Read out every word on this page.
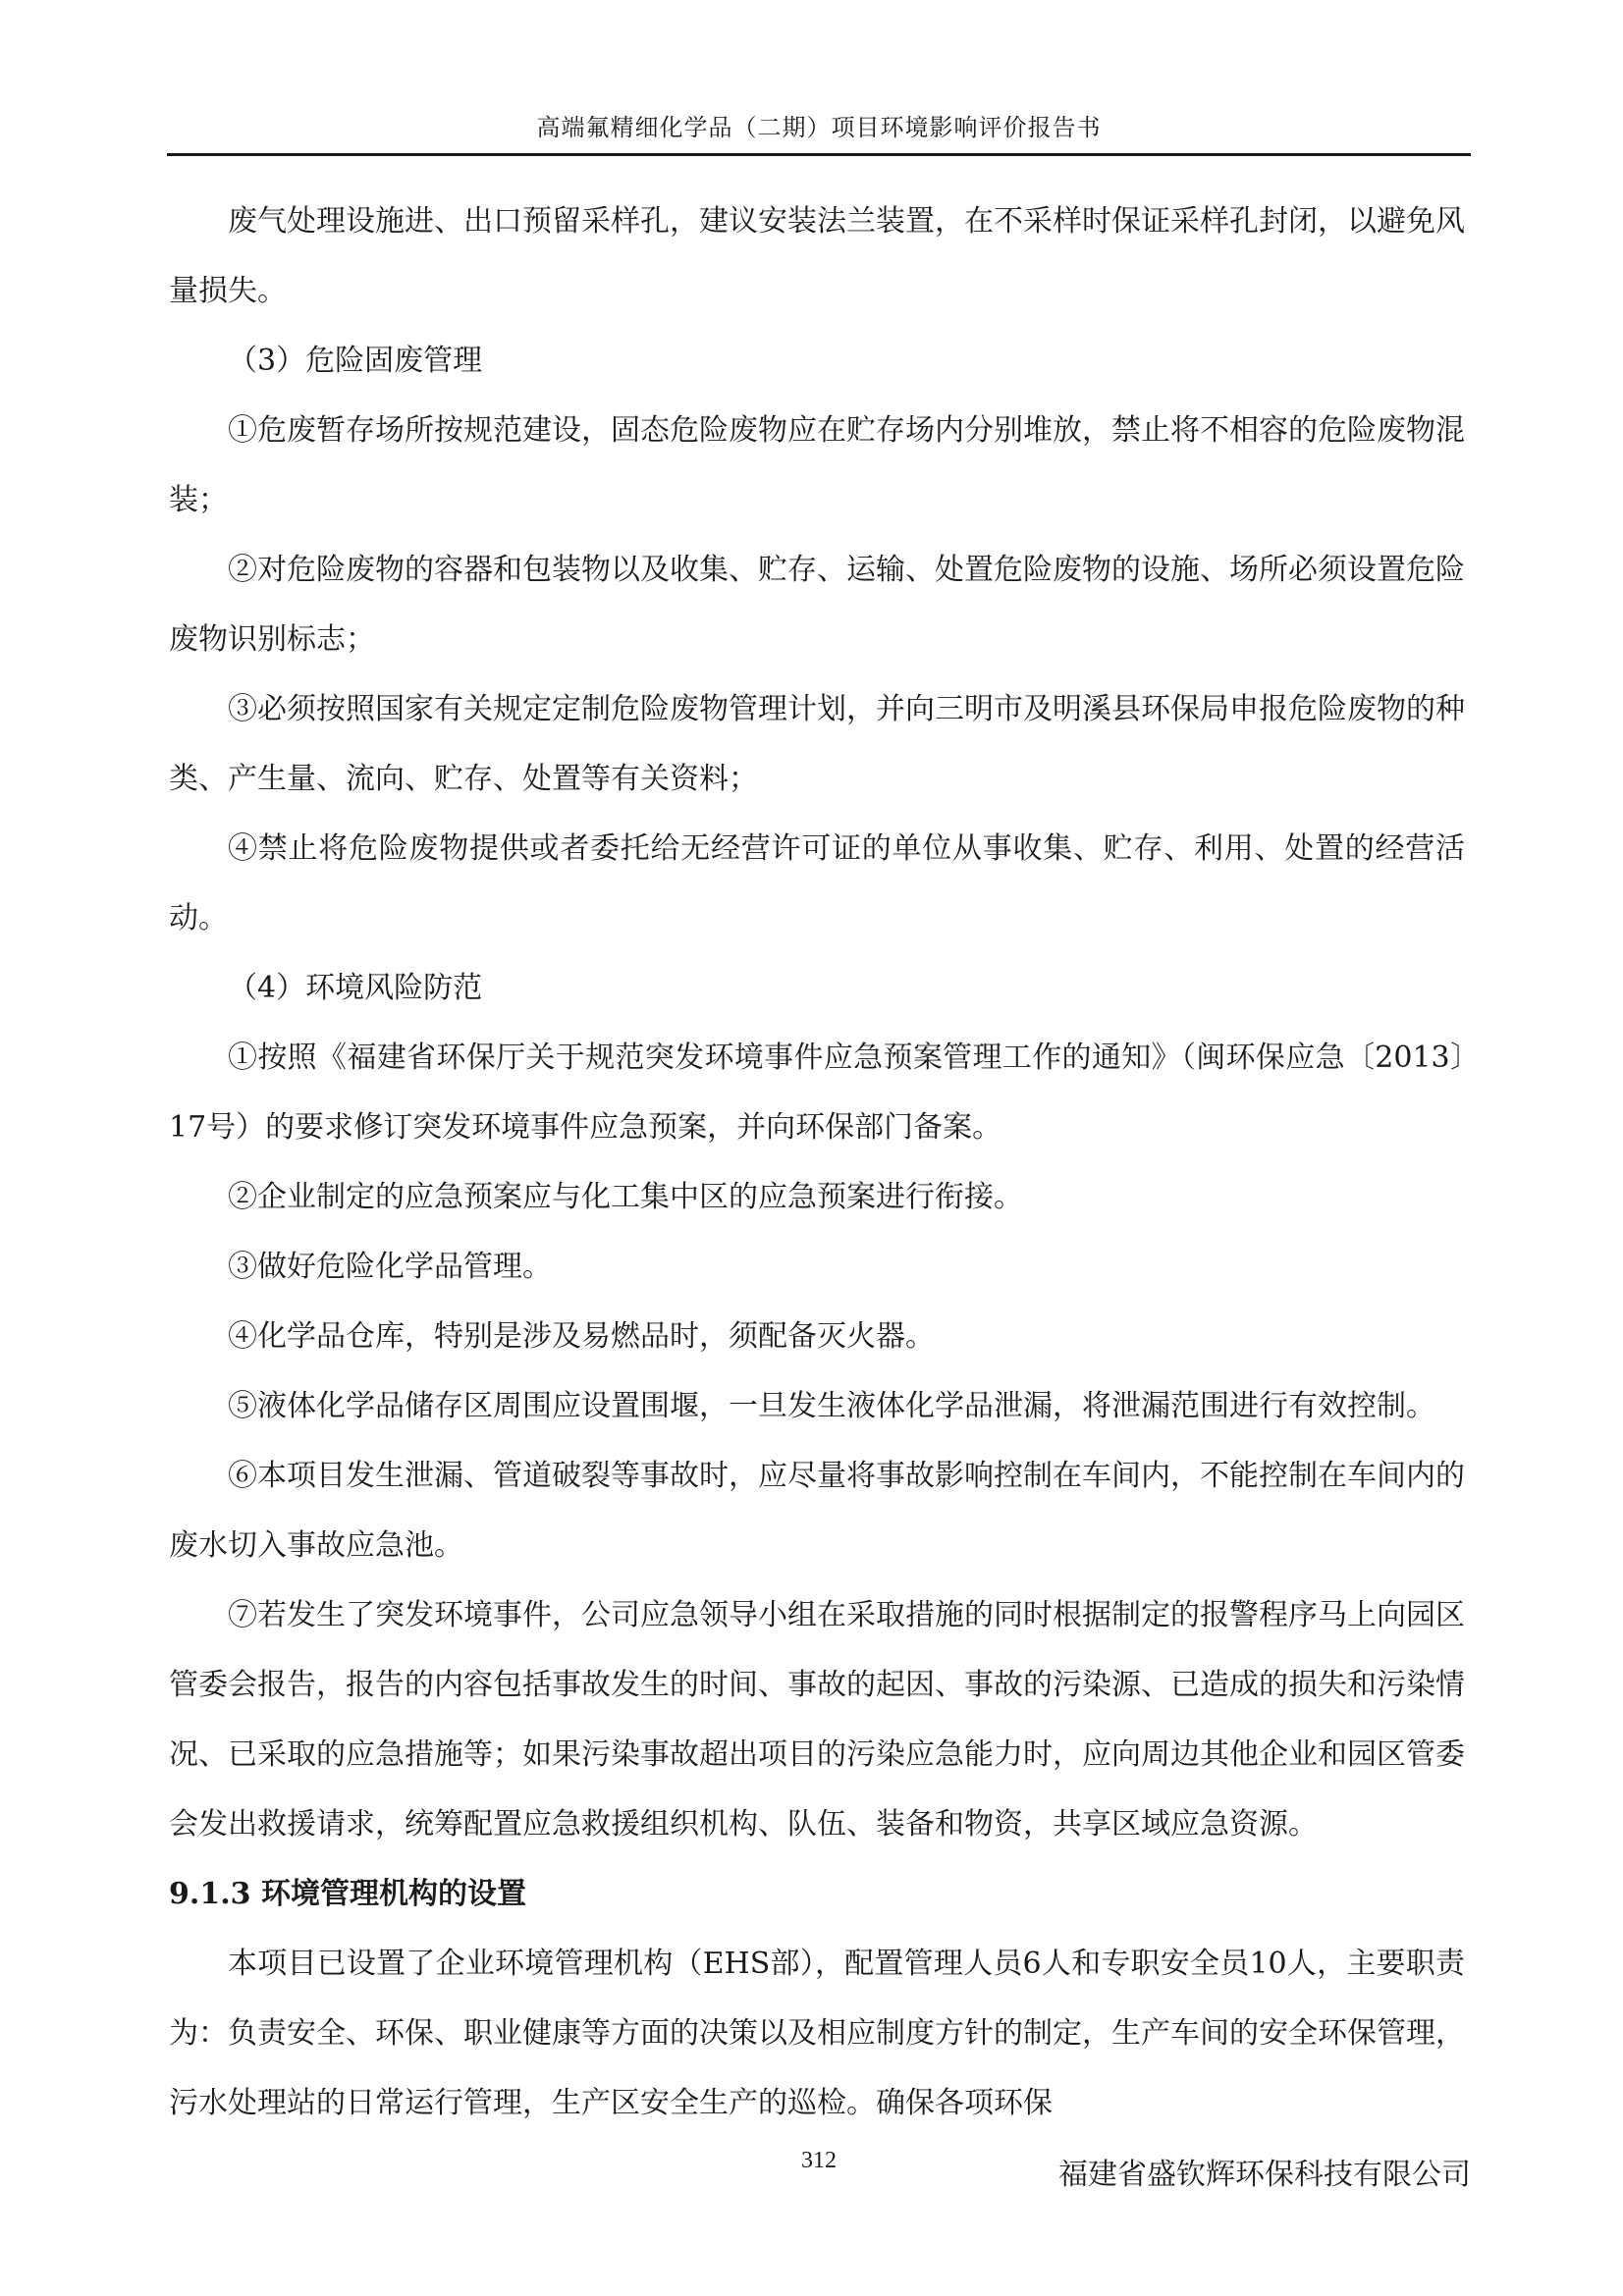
高端氟精细化学品（二期）项目环境影响评价报告书

废气处理设施进、出口预留采样孔，建议安装法兰装置，在不采样时保证采样孔封闭，以避免风量损失。

（3）危险固废管理

①危废暂存场所按规范建设，固态危险废物应在贮存场内分别堆放，禁止将不相容的危险废物混装；

②对危险废物的容器和包装物以及收集、贮存、运输、处置危险废物的设施、场所必须设置危险废物识别标志；

③必须按照国家有关规定定制危险废物管理计划，并向三明市及明溪县环保局申报危险废物的种类、产生量、流向、贮存、处置等有关资料；

④禁止将危险废物提供或者委托给无经营许可证的单位从事收集、贮存、利用、处置的经营活动。

（4）环境风险防范

①按照《福建省环保厅关于规范突发环境事件应急预案管理工作的通知》（闽环保应急〔2013〕17号）的要求修订突发环境事件应急预案，并向环保部门备案。

②企业制定的应急预案应与化工集中区的应急预案进行衔接。

③做好危险化学品管理。

④化学品仓库，特别是涉及易燃品时，须配备灭火器。

⑤液体化学品储存区周围应设置围堰，一旦发生液体化学品泄漏，将泄漏范围进行有效控制。

⑥本项目发生泄漏、管道破裂等事故时，应尽量将事故影响控制在车间内，不能控制在车间内的废水切入事故应急池。

⑦若发生了突发环境事件，公司应急领导小组在采取措施的同时根据制定的报警程序马上向园区管委会报告，报告的内容包括事故发生的时间、事故的起因、事故的污染源、已造成的损失和污染情况、已采取的应急措施等；如果污染事故超出项目的污染应急能力时，应向周边其他企业和园区管委会发出救援请求，统筹配置应急救援组织机构、队伍、装备和物资，共享区域应急资源。

9.1.3 环境管理机构的设置

本项目已设置了企业环境管理机构（EHS部），配置管理人员6人和专职安全员10人，主要职责为：负责安全、环保、职业健康等方面的决策以及相应制度方针的制定，生产车间的安全环保管理，污水处理站的日常运行管理，生产区安全生产的巡检。确保各项环保

312	福建省盛钦辉环保科技有限公司
